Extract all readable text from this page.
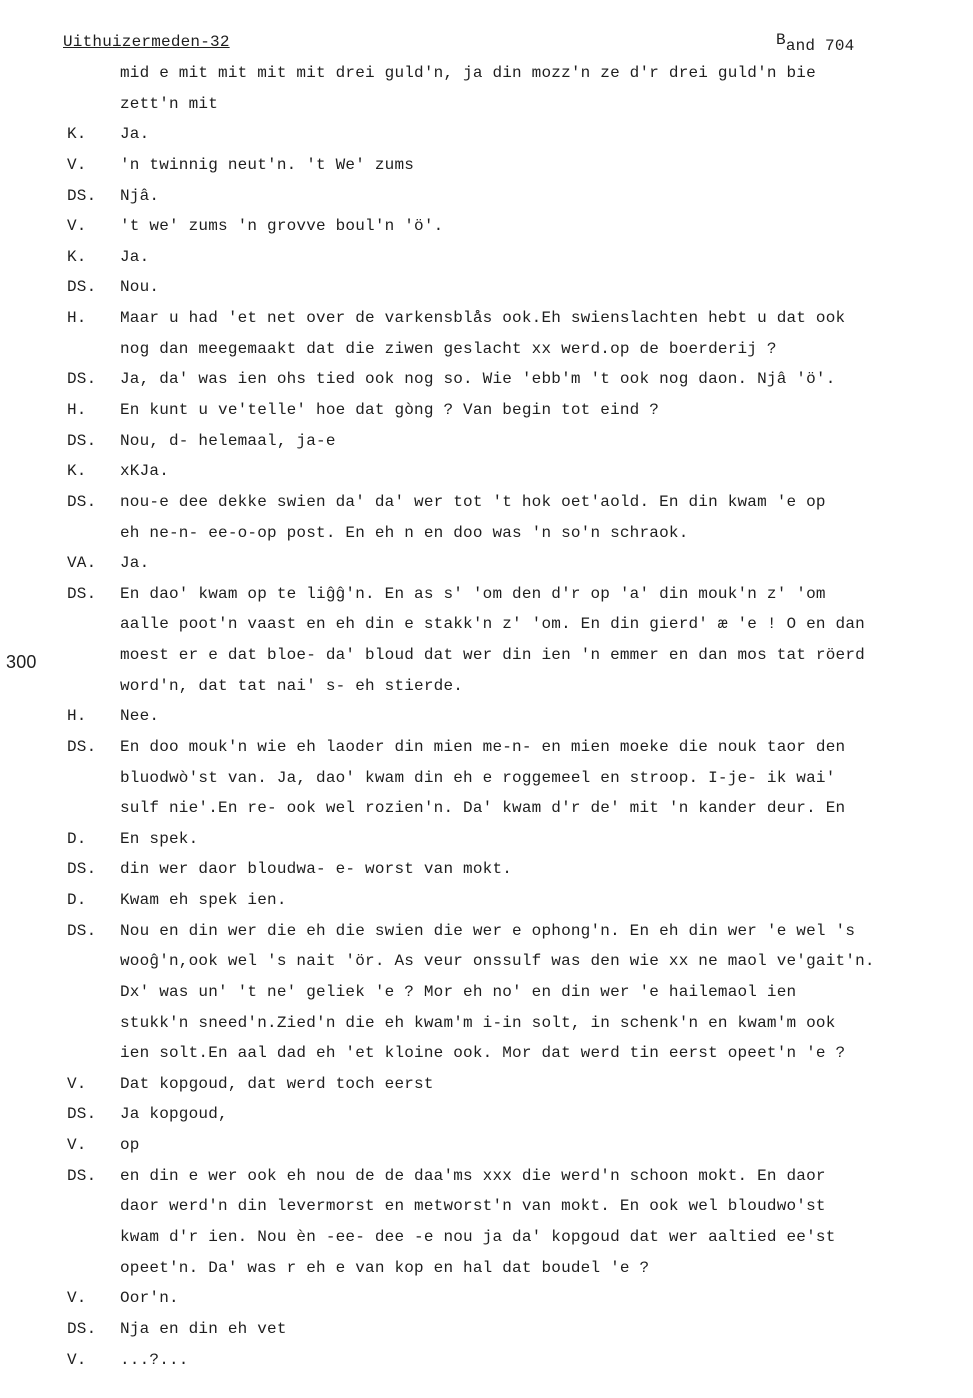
Uithuizermeden-32	$^B$and 704
300
mid e mit mit mit mit drei guld'n, ja din mozz'n ze d'r drei guld'n bie
zett'n mit
K. Ja.
V. 'n twinnig neut'n. 't We' zums
DS. Njâ.
V. 't we' zums 'n grovve boul'n 'ö'.
K. Ja.
DS. Nou.
H. Maar u had 'et net over de varkensblås ook.Eh swienslachten hebt u dat ook
nog dan meegemaakt dat die ziwen geslacht xx werd.op de boerderij ?
DS. Ja, da' was ien ohs tied ook nog so. Wie 'ebb'm 't ook nog daon. Njâ 'ö'.
H. En kunt u ve'telle' hoe dat gòng ? Van begin tot eind ?
DS. Nou, d- helemaal, ja-e
K. xKJa.
DS. nou-e dee dekke swien da' da' wer tot 't hok oet'aold. En din kwam 'e op
eh ne-n- ee-o-op post. En eh n en doo was 'n so'n schraok.
VA. Ja.
DS. En dao' kwam op te liĝĝ'n. En as s' 'om den d'r op 'a' din mouk'n z' 'om
aalle poot'n vaast en eh din e stakk'n z' 'om. En din gierd' æ 'e ! O en dan
moest er e dat bloe- da' bloud dat wer din ien 'n emmer en dan mos tat röerd
word'n, dat tat nai' s- eh stierde.
H. Nee.
DS. En doo mouk'n wie eh laoder din mien me-n- en mien moeke die nouk taor den
bluodwò'st van. Ja, dao' kwam din eh e roggemeel en stroop. I-je- ik wai'
sulf nie'.En re- ook wel rozien'n. Da' kwam d'r de' mit 'n kander deur. En
D. En spek.
DS. din wer daor bloudwa- e- worst van mokt.
D. Kwam eh spek ien.
DS. Nou en din wer die eh die swien die wer e ophong'n. En eh din wer 'e wel 's
wooĝ'n,ook wel 's nait 'ör. As veur onssulf was den wie xx ne maol ve'gait'n.
Dx' was un' 't ne' geliek 'e ? Mor eh no' en din wer 'e hailemaol ien
stukk'n sneed'n.Zied'n die eh kwam'm i-in solt, in schenk'n en kwam'm ook
ien solt.En aal dad eh 'et kloine ook. Mor dat werd tin eerst opeet'n 'e ?
V. Dat kopgoud, dat werd toch eerst
DS. Ja kopgoud,
V. op
DS. en din e wer ook eh nou de de daa'ms xxx die werd'n schoon mokt. En daor
daor werd'n din levermorst en metworst'n van mokt. En ook wel bloudwo'st
kwam d'r ien. Nou èn -ee- dee -e nou ja da' kopgoud dat wer aaltied ee'st
opeet'n. Da' was r eh e van kop en hal dat boudel 'e ?
V. Oor'n.
DS. Nja en din eh vet
V. ...?...
